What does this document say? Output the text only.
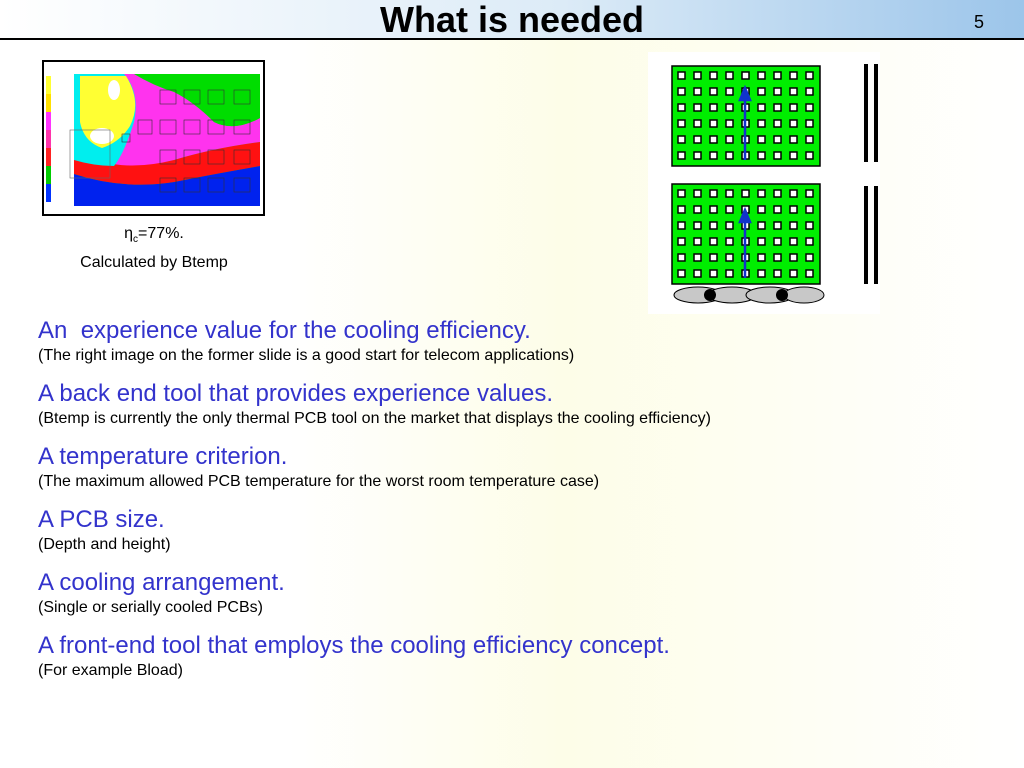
What is needed	5
$\eta_c=77\%$.
Calculated by Btemp
An  experience value for the cooling efficiency.
(The right image on the former slide is a good start for telecom applications)
A back end tool that provides experience values.
(Btemp is currently the only thermal PCB tool on the market that displays the cooling efficiency)
A temperature criterion.
(The maximum allowed PCB temperature for the worst room temperature case)
A PCB size.
(Depth and height)
A cooling arrangement.
(Single or serially cooled PCBs)
A front-end tool that employs the cooling efficiency concept.
(For example Bload)
